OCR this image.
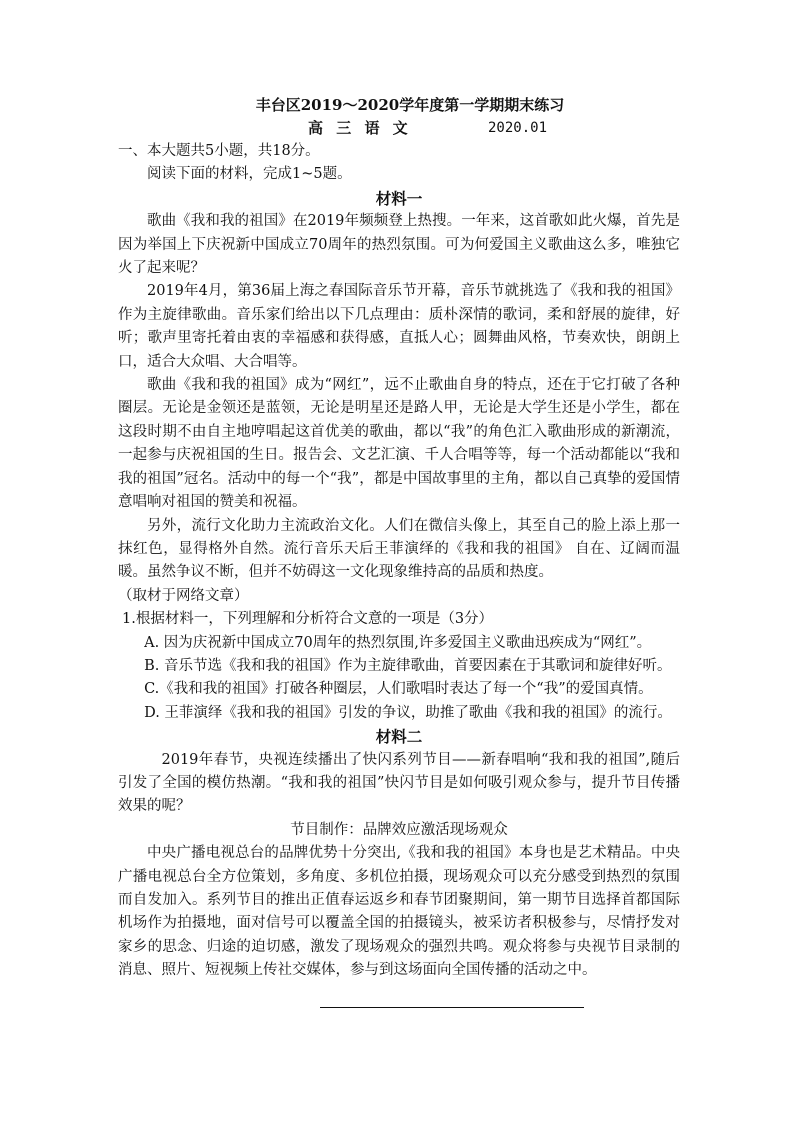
丰台区2019～2020学年度第一学期期末练习

高 三 语 文	2020.01

一、本大题共5小题，共18分。

阅读下面的材料，完成1~5题。

材料一

歌曲《我和我的祖国》在2019年频频登上热搜。一年来，这首歌如此火爆，首先是因为举国上下庆祝新中国成立70周年的热烈氛围。可为何爱国主义歌曲这么多，唯独它火了起来呢？

2019年4月，第36届上海之春国际音乐节开幕，音乐节就挑选了《我和我的祖国》作为主旋律歌曲。音乐家们给出以下几点理由：质朴深情的歌词，柔和舒展的旋律，好听；歌声里寄托着由衷的幸福感和获得感，直抵人心；圆舞曲风格，节奏欢快，朗朗上口，适合大众唱、大合唱等。

歌曲《我和我的祖国》成为“网红”，远不止歌曲自身的特点，还在于它打破了各种圈层。无论是金领还是蓝领，无论是明星还是路人甲，无论是大学生还是小学生，都在这段时期不由自主地哼唱起这首优美的歌曲，都以“我”的角色汇入歌曲形成的新潮流，一起参与庆祝祖国的生日。报告会、文艺汇演、千人合唱等等，每一个活动都能以“我和我的祖国”冠名。活动中的每一个“我”，都是中国故事里的主角，都以自己真挚的爱国情意唱响对祖国的赞美和祝福。

另外，流行文化助力主流政治文化。人们在微信头像上，其至自己的脸上添上那一抹红色，显得格外自然。流行音乐天后王菲演绎的《我和我的祖国》 自在、辽阔而温暖。虽然争议不断，但并不妨碍这一文化现象维持高的品质和热度。

（取材于网络文章）

1.根据材料一，下列理解和分析符合文意的一项是（3分）

A. 因为庆祝新中国成立70周年的热烈氛围,许多爱国主义歌曲迅疾成为“网红”。

B. 音乐节选《我和我的祖国》作为主旋律歌曲，首要因素在于其歌词和旋律好听。

C.《我和我的祖国》打破各种圈层，人们歌唱时表达了每一个“我”的爱国真情。

D. 王菲演绎《我和我的祖国》引发的争议，助推了歌曲《我和我的祖国》的流行。

材料二

2019年春节，央视连续播出了快闪系列节目——新春唱响“我和我的祖国”,随后引发了全国的模仿热潮。“我和我的祖国”快闪节目是如何吸引观众参与，提升节目传播效果的呢？

节目制作：品牌效应激活现场观众

中央广播电视总台的品牌优势十分突出,《我和我的祖国》本身也是艺术精品。中央广播电视总台全方位策划，多角度、多机位拍摄，现场观众可以充分感受到热烈的氛围而自发加入。系列节目的推出正值春运返乡和春节团聚期间，第一期节目选择首都国际机场作为拍摄地，面对信号可以覆盖全国的拍摄镜头，被采访者积极参与，尽情抒发对家乡的思念、归途的迫切感，激发了现场观众的强烈共鸣。观众将参与央视节目录制的消息、照片、短视频上传社交媒体，参与到这场面向全国传播的活动之中。
